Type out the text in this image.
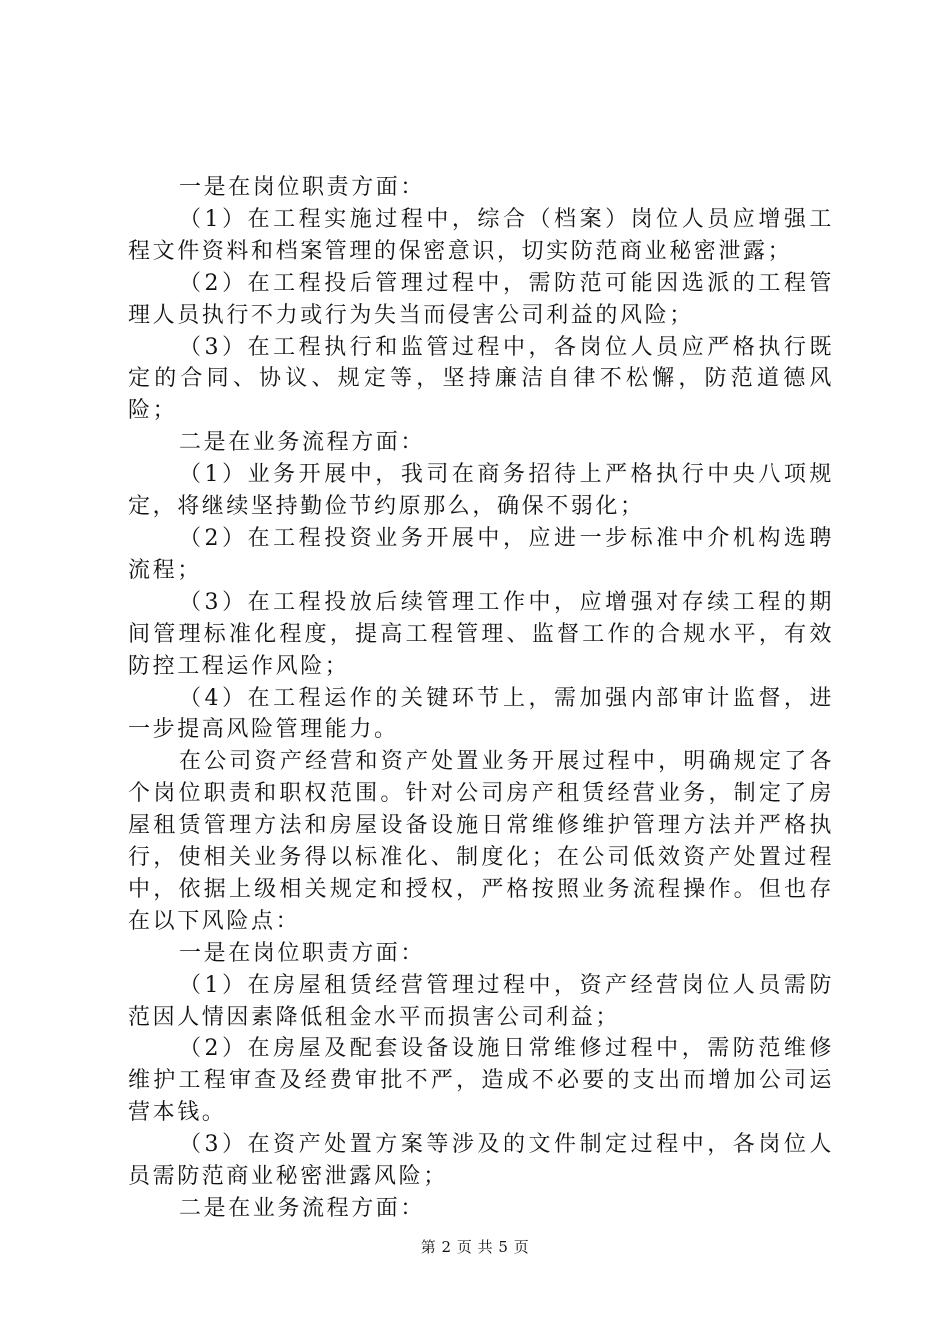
一是在岗位职责方面：

（1）在工程实施过程中，综合（档案）岗位人员应增强工程文件资料和档案管理的保密意识，切实防范商业秘密泄露；

（2）在工程投后管理过程中，需防范可能因选派的工程管理人员执行不力或行为失当而侵害公司利益的风险；

（3）在工程执行和监管过程中，各岗位人员应严格执行既定的合同、协议、规定等，坚持廉洁自律不松懈，防范道德风险；

二是在业务流程方面：

（1）业务开展中，我司在商务招待上严格执行中央八项规定，将继续坚持勤俭节约原那么，确保不弱化；

（2）在工程投资业务开展中，应进一步标准中介机构选聘流程；

（3）在工程投放后续管理工作中，应增强对存续工程的期间管理标准化程度，提高工程管理、监督工作的合规水平，有效防控工程运作风险；

（4）在工程运作的关键环节上，需加强内部审计监督，进一步提高风险管理能力。

在公司资产经营和资产处置业务开展过程中，明确规定了各个岗位职责和职权范围。针对公司房产租赁经营业务，制定了房屋租赁管理方法和房屋设备设施日常维修维护管理方法并严格执行，使相关业务得以标准化、制度化；在公司低效资产处置过程中，依据上级相关规定和授权，严格按照业务流程操作。但也存在以下风险点：

一是在岗位职责方面：

（1）在房屋租赁经营管理过程中，资产经营岗位人员需防范因人情因素降低租金水平而损害公司利益；

（2）在房屋及配套设备设施日常维修过程中，需防范维修维护工程审查及经费审批不严，造成不必要的支出而增加公司运营本钱。

（3）在资产处置方案等涉及的文件制定过程中，各岗位人员需防范商业秘密泄露风险；

二是在业务流程方面：

第 2 页 共 5 页
